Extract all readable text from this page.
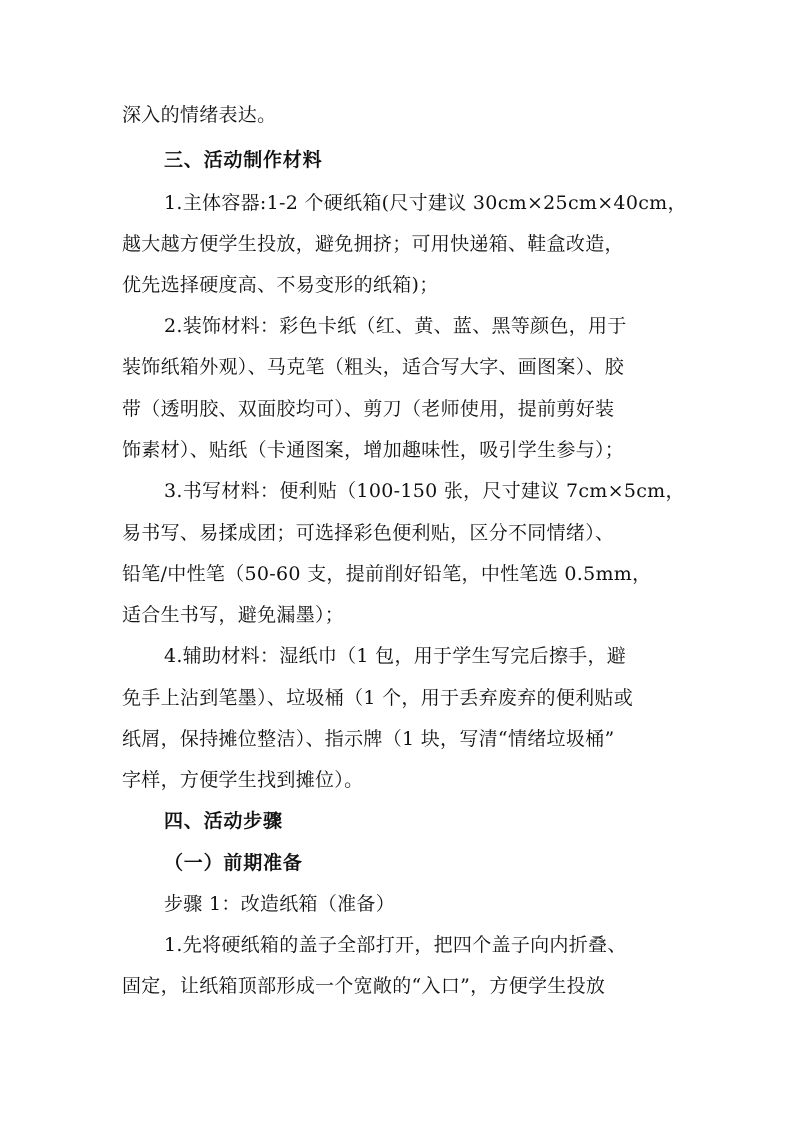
深入的情绪表达。
三、活动制作材料
1.主体容器:1-2 个硬纸箱(尺寸建议 30cm×25cm×40cm，
越大越方便学生投放，避免拥挤；可用快递箱、鞋盒改造，
优先选择硬度高、不易变形的纸箱)；
2.装饰材料：彩色卡纸（红、黄、蓝、黑等颜色，用于
装饰纸箱外观）、马克笔（粗头，适合写大字、画图案）、胶
带（透明胶、双面胶均可）、剪刀（老师使用，提前剪好装
饰素材）、贴纸（卡通图案，增加趣味性，吸引学生参与）；
3.书写材料：便利贴（100-150 张，尺寸建议 7cm×5cm，
易书写、易揉成团；可选择彩色便利贴，区分不同情绪）、
铅笔/中性笔（50-60 支，提前削好铅笔，中性笔选 0.5mm，
适合生书写，避免漏墨）；
4.辅助材料：湿纸巾（1 包，用于学生写完后擦手，避
免手上沾到笔墨）、垃圾桶（1 个，用于丢弃废弃的便利贴或
纸屑，保持摊位整洁）、指示牌（1 块，写清“情绪垃圾桶”
字样，方便学生找到摊位）。
四、活动步骤
（一）前期准备
步骤 1：改造纸箱（准备）
1.先将硬纸箱的盖子全部打开，把四个盖子向内折叠、
固定，让纸箱顶部形成一个宽敞的“入口”，方便学生投放
